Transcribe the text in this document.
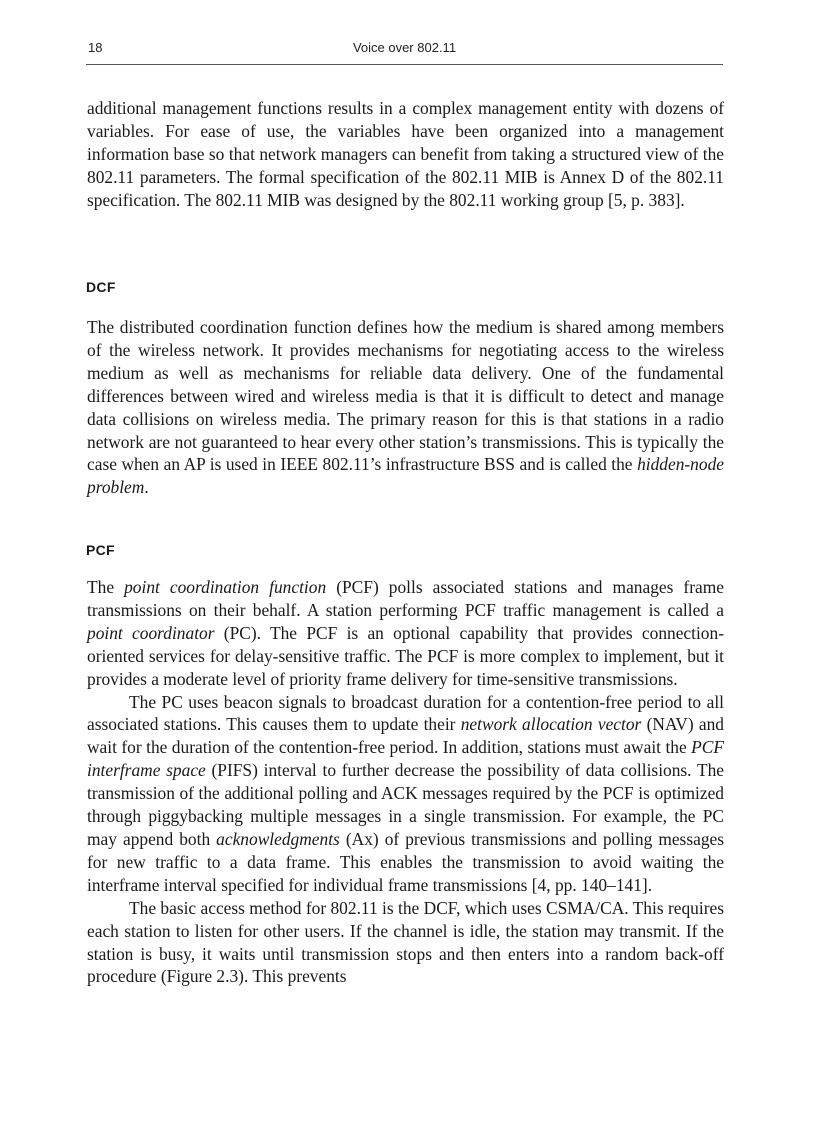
18	Voice over 802.11

additional management functions results in a complex management entity with dozens of variables. For ease of use, the variables have been organized into a management information base so that network managers can benefit from taking a structured view of the 802.11 parameters. The formal specification of the 802.11 MIB is Annex D of the 802.11 specification. The 802.11 MIB was designed by the 802.11 working group [5, p. 383].

DCF

The distributed coordination function defines how the medium is shared among members of the wireless network. It provides mechanisms for negotiating access to the wireless medium as well as mechanisms for reliable data delivery. One of the fundamental differences between wired and wireless media is that it is difficult to detect and manage data collisions on wireless media. The primary reason for this is that stations in a radio network are not guaranteed to hear every other station’s transmissions. This is typically the case when an AP is used in IEEE 802.11’s infrastructure BSS and is called the hidden-node problem.

PCF

The point coordination function (PCF) polls associated stations and manages frame transmissions on their behalf. A station performing PCF traffic management is called a point coordinator (PC). The PCF is an optional capability that provides connection-oriented services for delay-sensitive traffic. The PCF is more complex to implement, but it provides a moderate level of priority frame delivery for time-sensitive transmissions.

The PC uses beacon signals to broadcast duration for a contention-free period to all associated stations. This causes them to update their network allocation vector (NAV) and wait for the duration of the contention-free period. In addition, stations must await the PCF interframe space (PIFS) interval to further decrease the possibility of data collisions. The transmission of the additional polling and ACK messages required by the PCF is optimized through piggybacking multiple messages in a single transmission. For example, the PC may append both acknowledgments (Ax) of previous transmissions and polling messages for new traffic to a data frame. This enables the transmission to avoid waiting the interframe interval specified for individual frame transmissions [4, pp. 140–141].

The basic access method for 802.11 is the DCF, which uses CSMA/CA. This requires each station to listen for other users. If the channel is idle, the station may transmit. If the station is busy, it waits until transmission stops and then enters into a random back-off procedure (Figure 2.3). This prevents
